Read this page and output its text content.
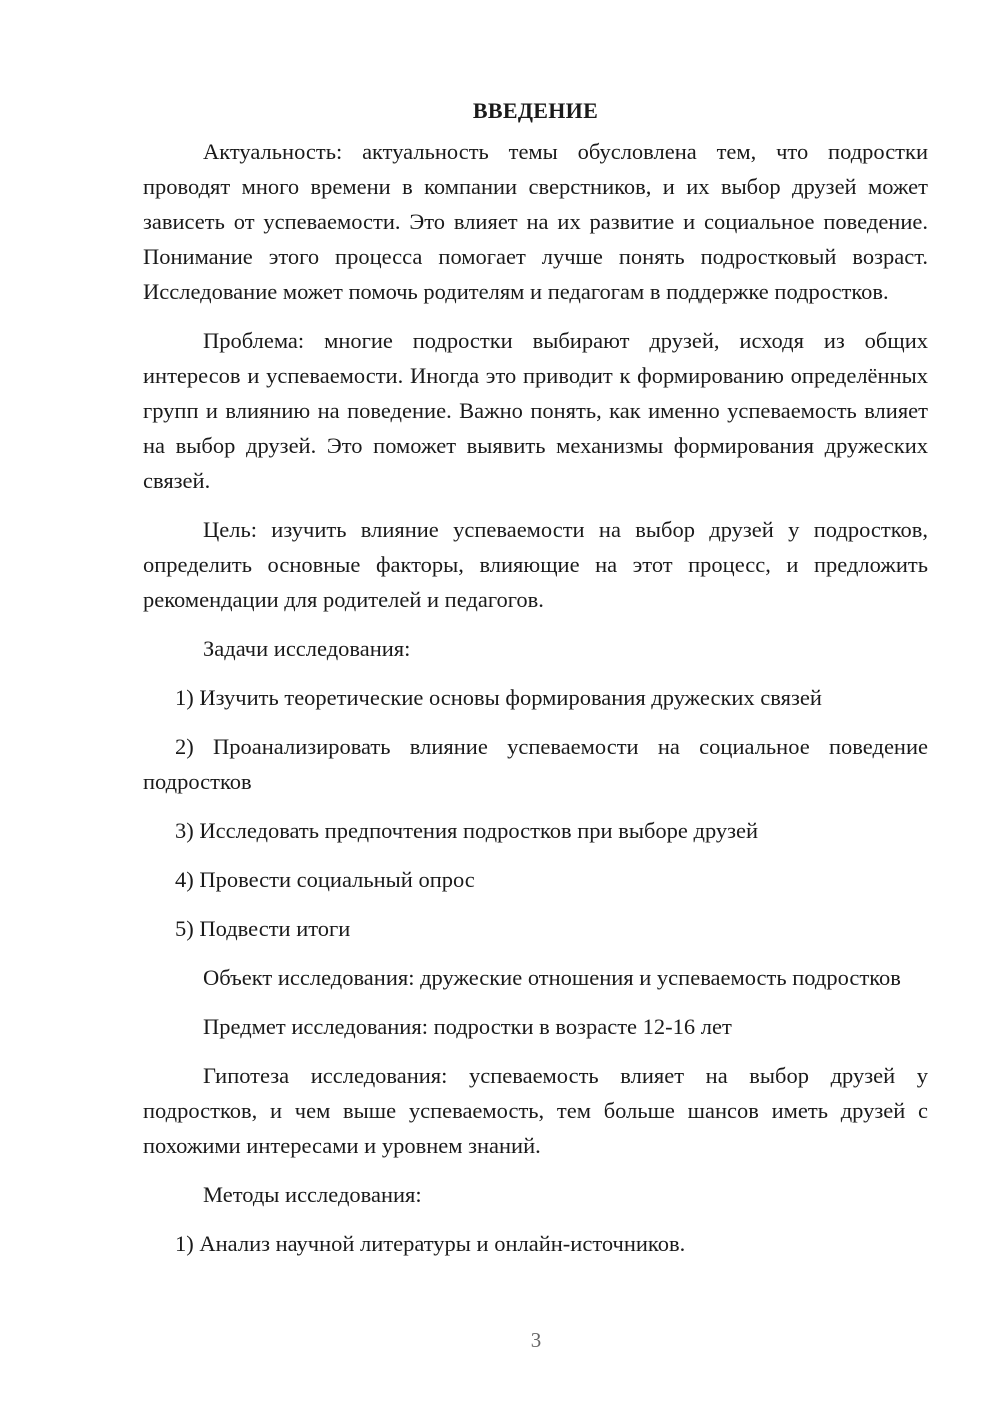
ВВЕДЕНИЕ

Актуальность: актуальность темы обусловлена тем, что подростки проводят много времени в компании сверстников, и их выбор друзей может зависеть от успеваемости. Это влияет на их развитие и социальное поведение. Понимание этого процесса помогает лучше понять подростковый возраст. Исследование может помочь родителям и педагогам в поддержке подростков.

Проблема: многие подростки выбирают друзей, исходя из общих интересов и успеваемости. Иногда это приводит к формированию определённых групп и влиянию на поведение. Важно понять, как именно успеваемость влияет на выбор друзей. Это поможет выявить механизмы формирования дружеских связей.

Цель: изучить влияние успеваемости на выбор друзей у подростков, определить основные факторы, влияющие на этот процесс, и предложить рекомендации для родителей и педагогов.

Задачи исследования:

1) Изучить теоретические основы формирования дружеских связей

2) Проанализировать влияние успеваемости на социальное поведение подростков

3) Исследовать предпочтения подростков при выборе друзей

4) Провести социальный опрос

5) Подвести итоги

Объект исследования: дружеские отношения и успеваемость подростков

Предмет исследования: подростки в возрасте 12-16 лет

Гипотеза исследования: успеваемость влияет на выбор друзей у подростков, и чем выше успеваемость, тем больше шансов иметь друзей с похожими интересами и уровнем знаний.

Методы исследования:

1) Анализ научной литературы и онлайн-источников.

3
